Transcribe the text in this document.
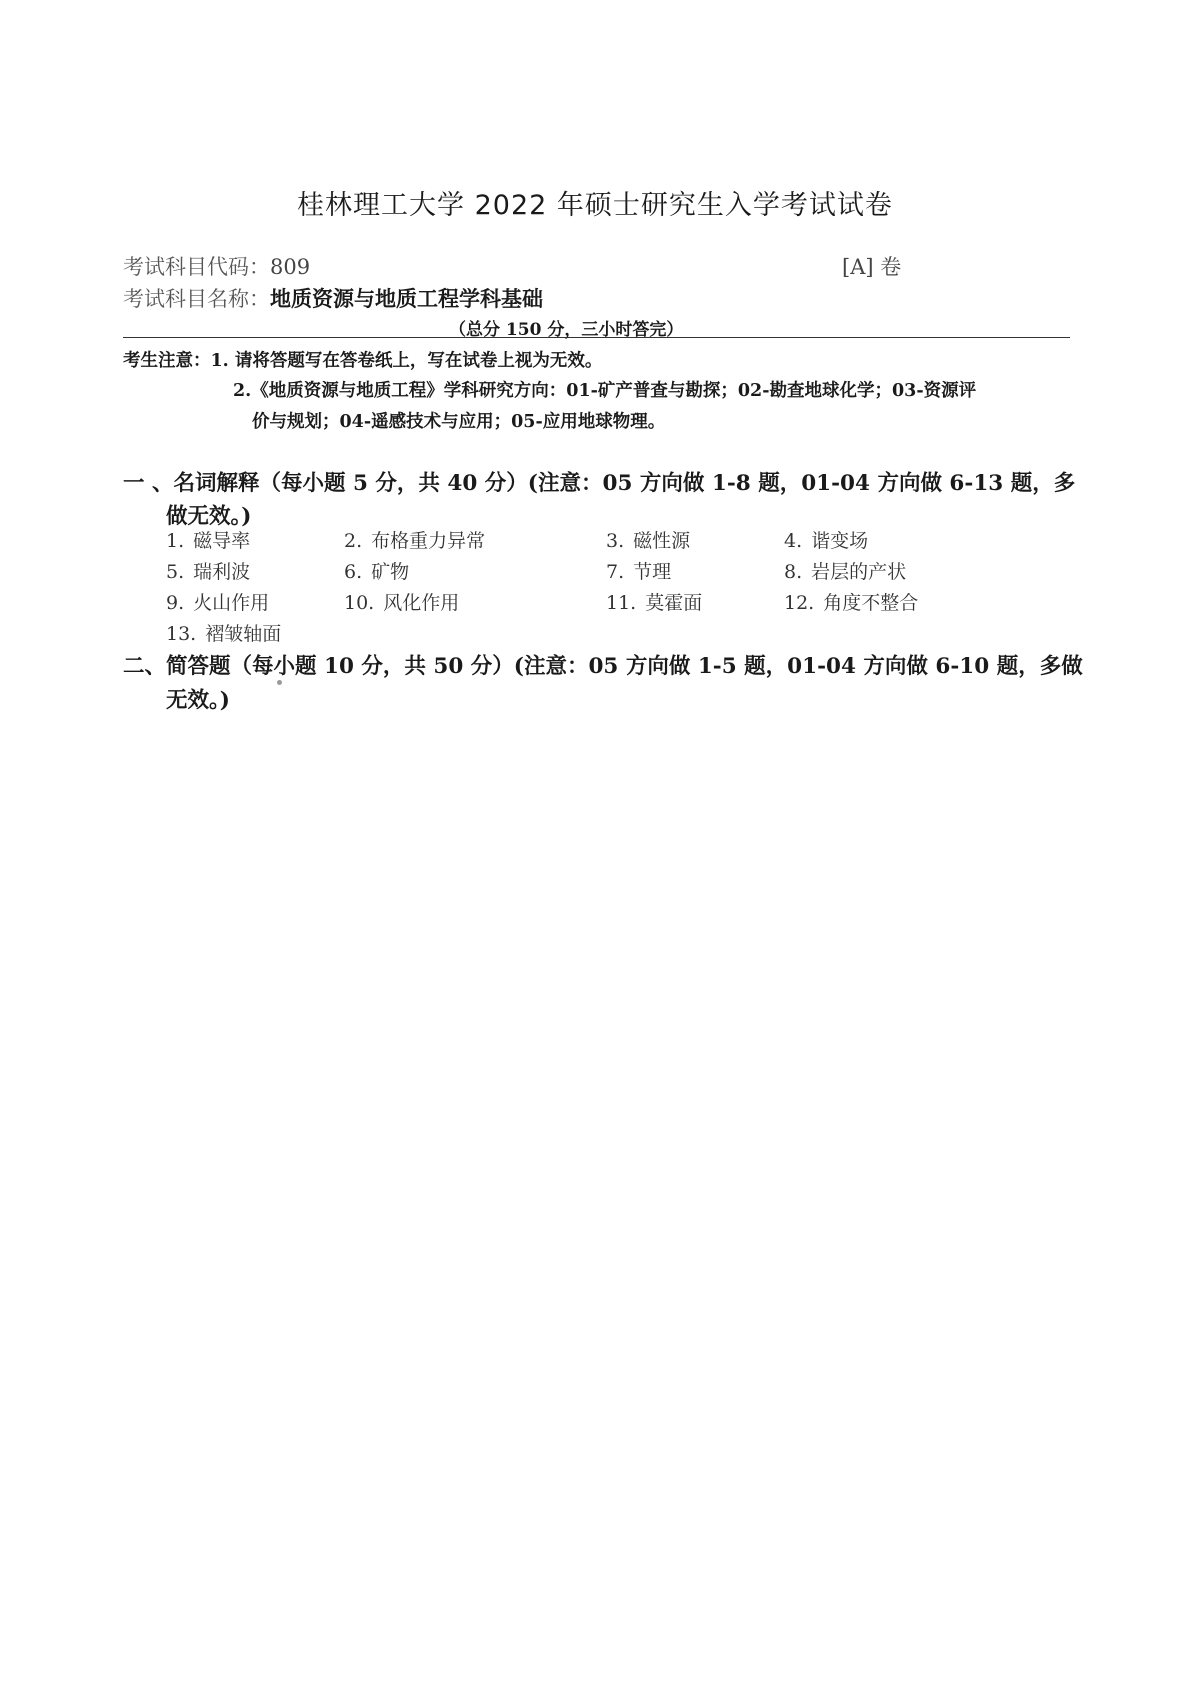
桂林理工大学 2022 年硕士研究生入学考试试卷
考试科目代码：809	[A] 卷
考试科目名称：地质资源与地质工程学科基础
（总分 150 分，三小时答完）
考生注意：1. 请将答题写在答卷纸上，写在试卷上视为无效。
2.《地质资源与地质工程》学科研究方向：01-矿产普查与勘探；02-勘查地球化学；03-资源评
价与规划；04-遥感技术与应用；05-应用地球物理。
一 、名词解释（每小题 5 分，共 40 分）(注意：05 方向做 1-8 题，01-04 方向做 6-13 题，多
做无效。)
1. 磁导率	2. 布格重力异常	3. 磁性源	4. 谐变场
5. 瑞利波	6. 矿物	7. 节理	8. 岩层的产状
9. 火山作用	10. 风化作用	11. 莫霍面	12. 角度不整合
13. 褶皱轴面
二、简答题（每小题 10 分，共 50 分）(注意：05 方向做 1-5 题，01-04 方向做 6-10 题，多做
无效。)
